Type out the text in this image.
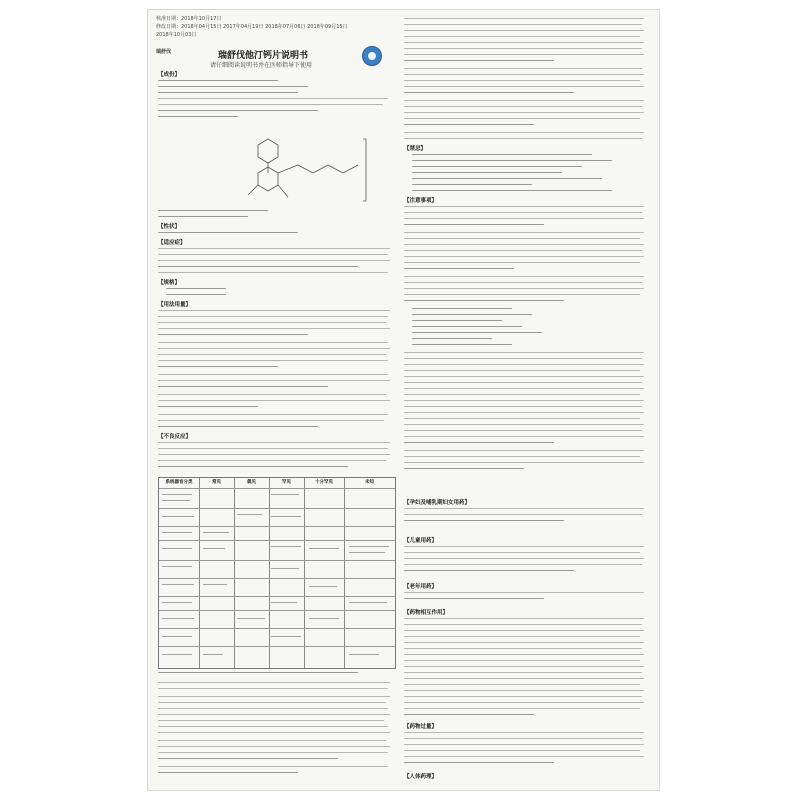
核准日期：2018年10月17日
修改日期：2018年04月15日 2017年04月19日 2018年07月06日 2018年09月15日
2018年10月03日
瑞舒伐	瑞舒伐他汀钙片说明书
请仔细阅读说明书并在医师指导下使用
【成份】
【性状】
【适应症】
【规格】
【用法用量】
【不良反应】
系统器官分类	常见	偶见	罕见	十分罕见	未知
【禁忌】
【注意事项】
【孕妇及哺乳期妇女用药】
【儿童用药】
【老年用药】
【药物相互作用】
【药物过量】
【人体药理】
